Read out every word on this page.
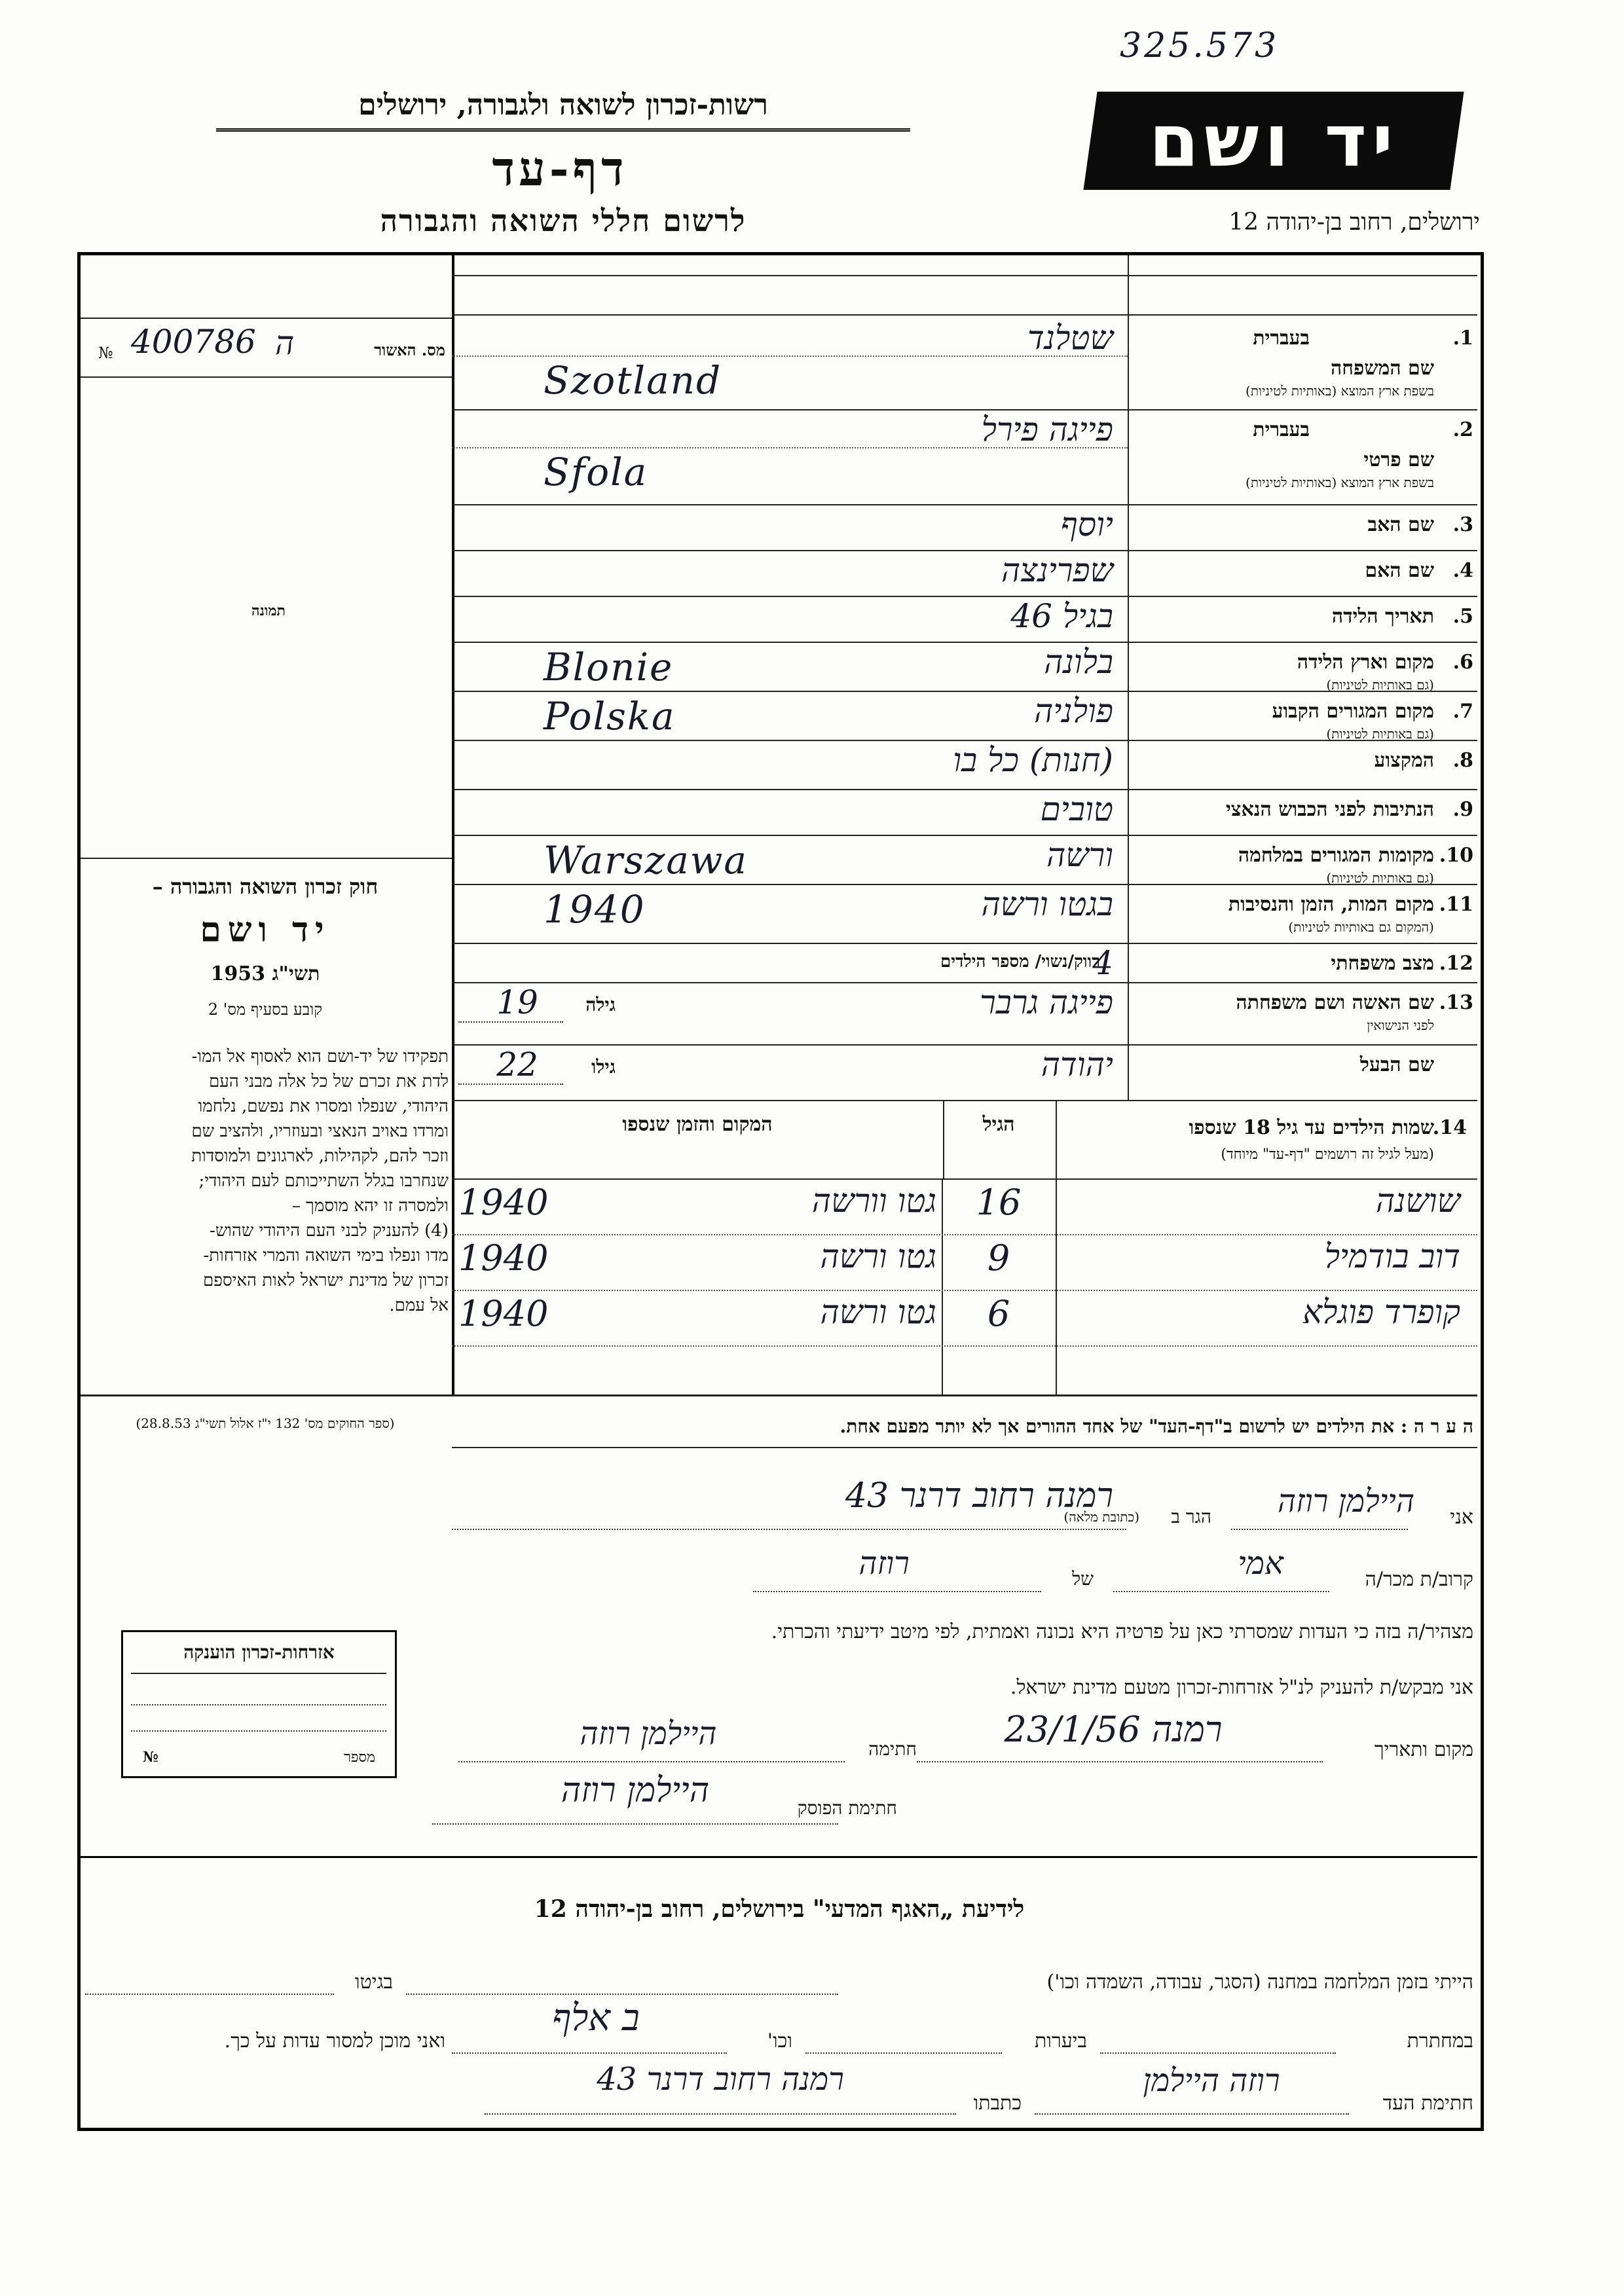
325.573
רשות-זכרון לשואה ולגבורה, ירושלים
דף-עד
לרשום חללי השואה והגבורה
יד ושם
ירושלים, רחוב בן-יהודה 12
מס. האשור
ה
400786
№
תמונה
חוק זכרון השואה והגבורה –
יד ושם
תשי"ג 1953
קובע בסעיף מס' 2
תפקידו של יד-ושם הוא לאסוף אל המו-
לדת את זכרם של כל אלה מבני העם
היהודי, שנפלו ומסרו את נפשם, נלחמו
ומרדו באויב הנאצי ובעוזריו, ולהציב שם
וזכר להם, לקהילות, לארגונים ולמוסדות
שנחרבו בגלל השתייכותם לעם היהודי;
ולמסרה זו יהא מוסמך –
(4) להעניק לבני העם היהודי שהוש-
מדו ונפלו בימי השואה והמרי אזרחות-
זכרון של מדינת ישראל לאות האיספם
אל עמם.
(ספר החוקים מס' 132 י"ז אלול תשי"ג 28.8.53)
1.
שם המשפחה
בשפת ארץ המוצא (באותיות לטיניות)
בעברית
שטלנד
Szotland
2.
שם פרטי
בשפת ארץ המוצא (באותיות לטיניות)
בעברית
פייגה פירל
Sfola
3.
שם האב
יוסף
4.
שם האם
שפרינצה
5.
תאריך הלידה
בגיל 46
6.
מקום וארץ הלידה
(גם באותיות לטיניות)
בלונה
Blonie
7.
מקום המגורים הקבוע
(גם באותיות לטיניות)
פולניה
Polska
8.
המקצוע
(חנות) כל בו
9.
הנתיבות לפני הכבוש הנאצי
טובים
10.
מקומות המגורים במלחמה
(גם באותיות לטיניות)
ורשה
Warszawa
11.
מקום המות, הזמן והנסיבות
(המקום גם באותיות לטיניות)
בגטו ורשה
1940
12.
מצב משפחתי
4
רווק/נשוי/ מספר הילדים
13.
שם האשה ושם משפחתה
לפני הנישואין
פייגה גרבר
גילה
19
שם הבעל
יהודה
גילו
22
14.
שמות הילדים עד גיל 18 שנספו
(מעל לגיל זה רושמים "דף-עד" מיוחד)
הגיל
המקום והזמן שנספו
שושנה
16
גטו וורשה
1940
דוב בודמיל
9
גטו ורשה
1940
קופרד פוגלא
6
גטו ורשה
1940
ה ע ר ה : את הילדים יש לרשום ב"דף-העד" של אחד ההורים אך לא יותר מפעם אחת.
אני
היילמן רוזה
הגר ב
(כתובת מלאה)
רמנה רחוב דרנר 43
קרוב/ת מכר/ה
אמי
של
רוזה
מצהיר/ה בזה כי העדות שמסרתי כאן על פרטיה היא נכונה ואמתית, לפי מיטב ידיעתי והכרתי.
אני מבקש/ת להעניק לנ"ל אזרחות-זכרון מטעם מדינת ישראל.
מקום ותאריך
23/1/56 רמנה
חתימה
היילמן רוזה
חתימת הפוסק
היילמן רוזה
אזרחות-זכרון הוענקה
מספר
№
לידיעת „האגף המדעי" בירושלים, רחוב בן-יהודה 12
הייתי בזמן המלחמה במחנה (הסגר, עבודה, השמדה וכו')
בגיטו
במחתרת
ביערות
וכו'
ב אלף
ואני מוכן למסור עדות על כך.
חתימת העד
רוזה היילמן
כתבתו
רמנה רחוב דרנר 43
